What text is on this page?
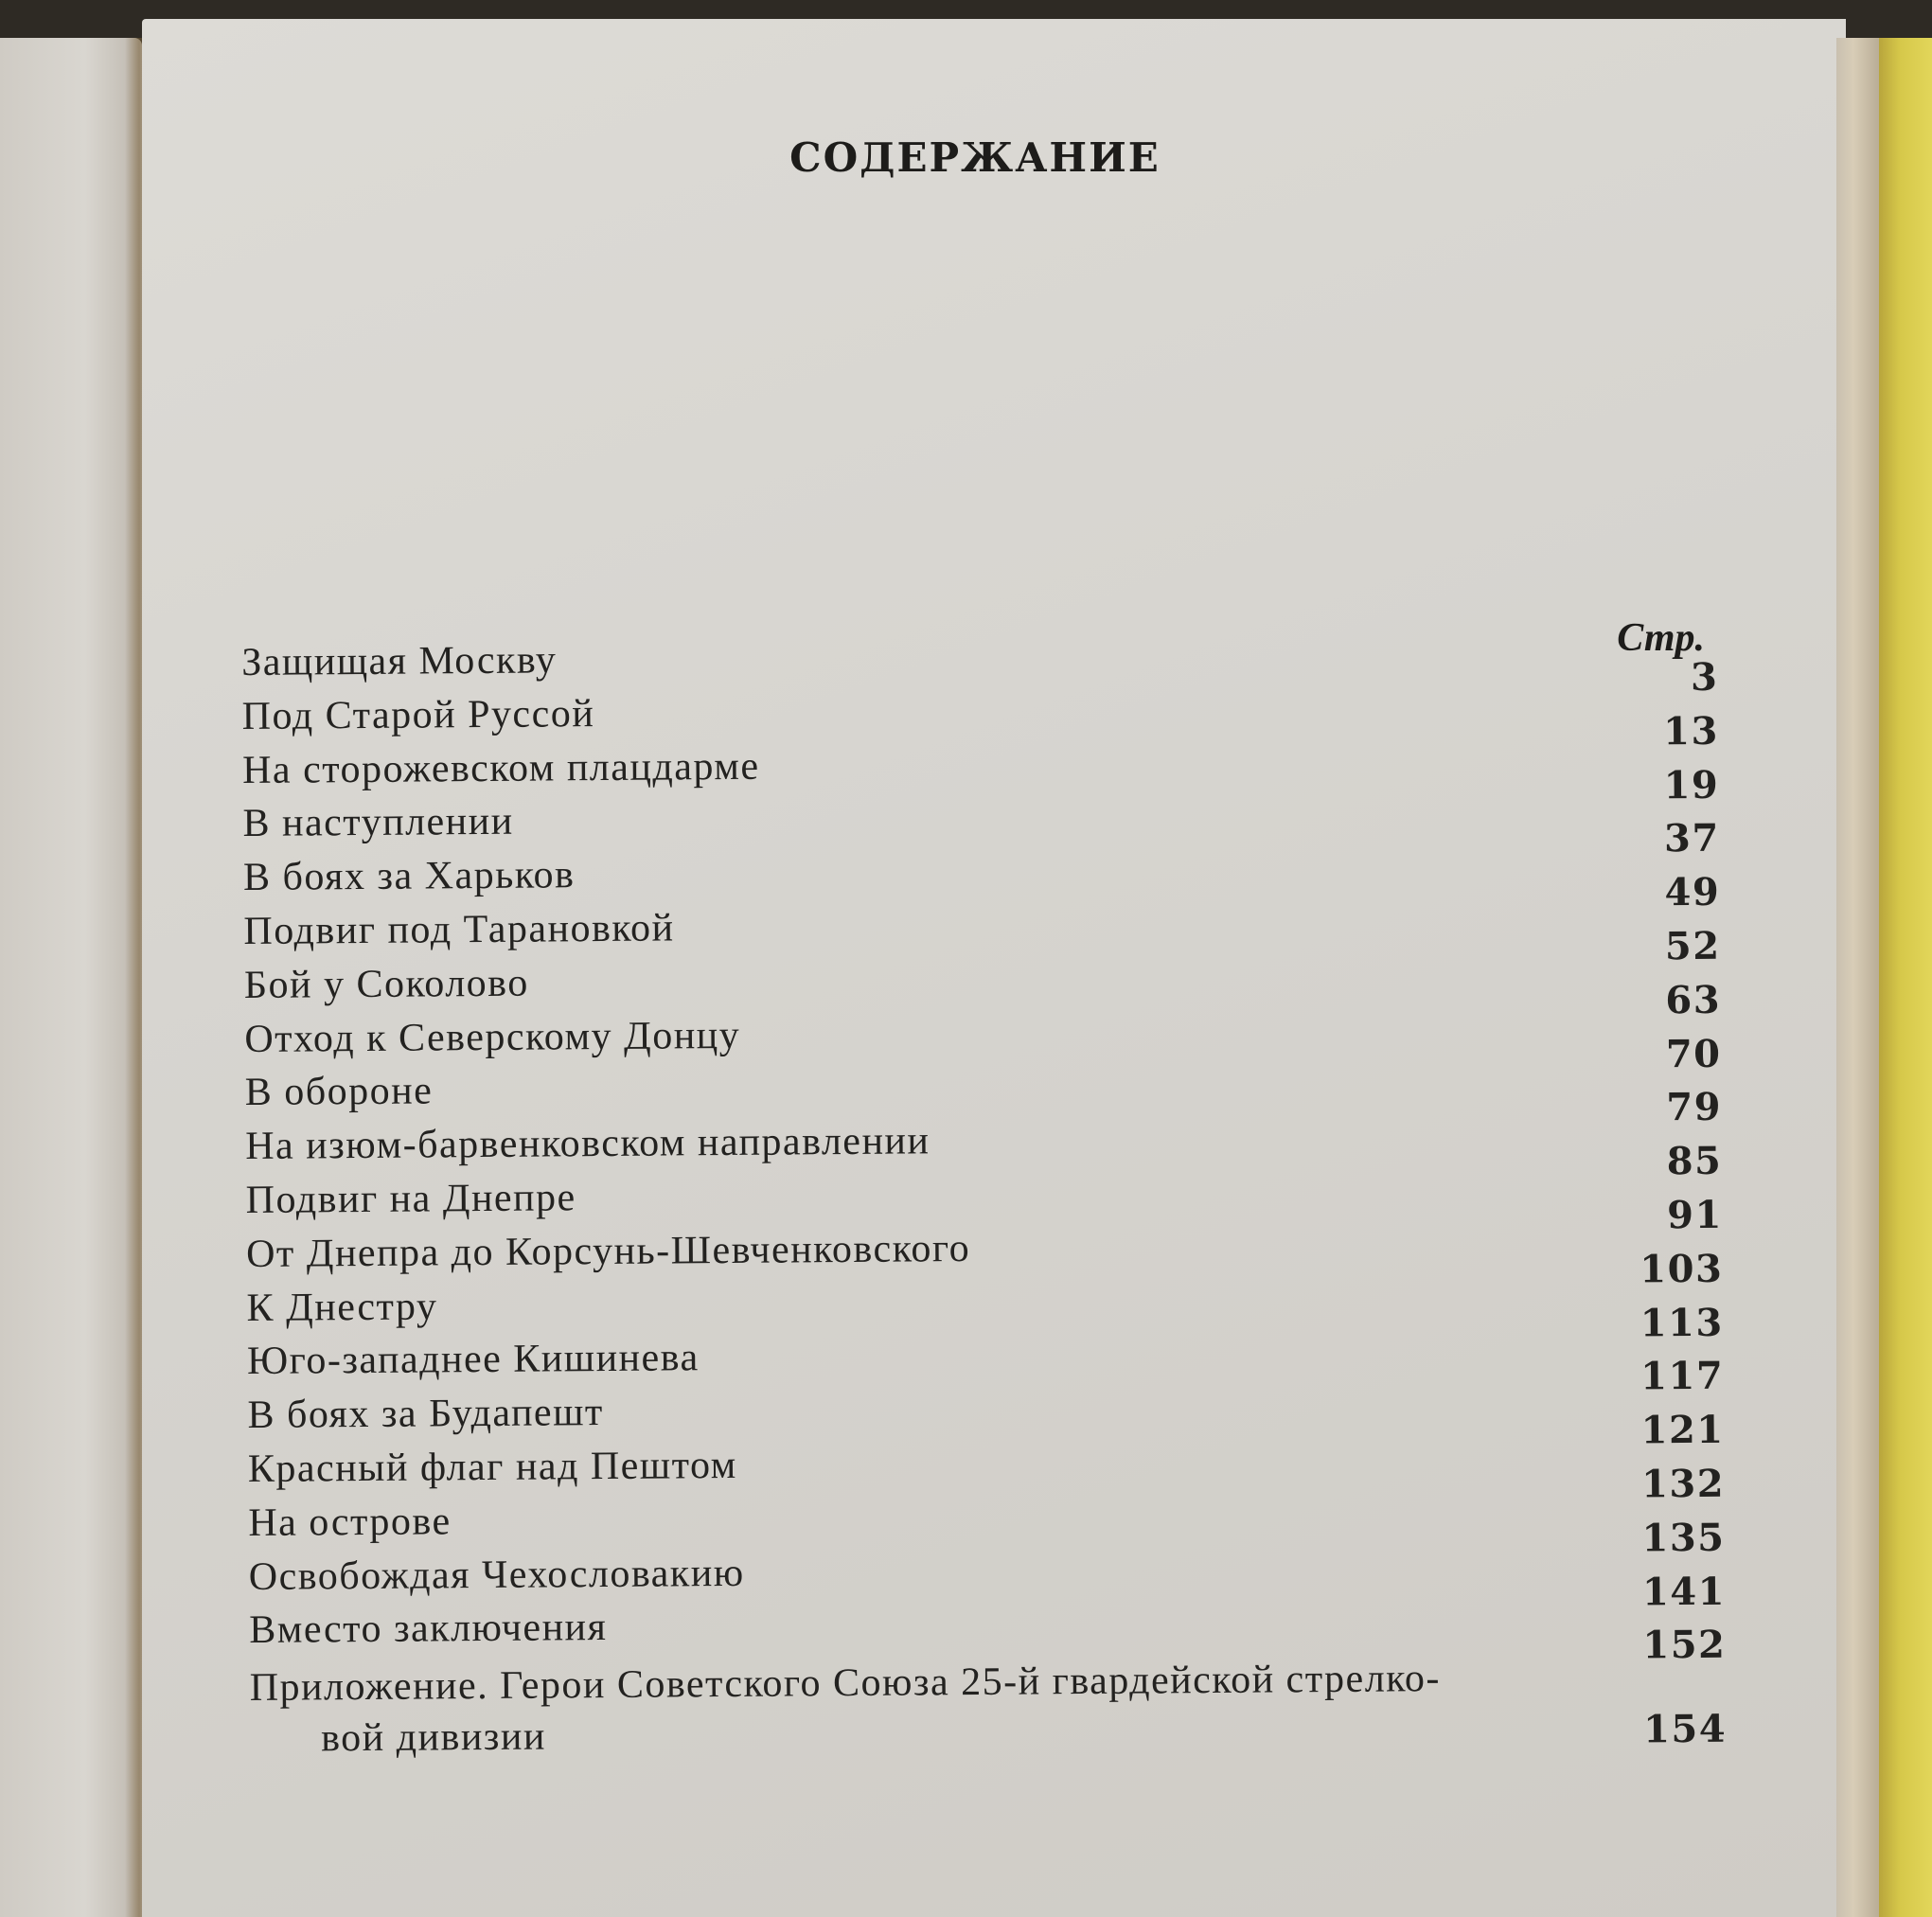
СОДЕРЖАНИЕ
Стр.
Защищая Москву	3
Под Старой Руссой	13
На сторожевском плацдарме	19
В наступлении	37
В боях за Харьков	49
Подвиг под Тарановкой	52
Бой у Соколово	63
Отход к Северскому Донцу	70
В обороне	79
На изюм-барвенковском направлении	85
Подвиг на Днепре	91
От Днепра до Корсунь-Шевченковского	103
К Днестру	113
Юго-западнее Кишинева	117
В боях за Будапешт	121
Красный флаг над Пештом	132
На острове	135
Освобождая Чехословакию	141
Вместо заключения	152
Приложение. Герои Советского Союза 25-й гвардейской стрелко-
вой дивизии	154
